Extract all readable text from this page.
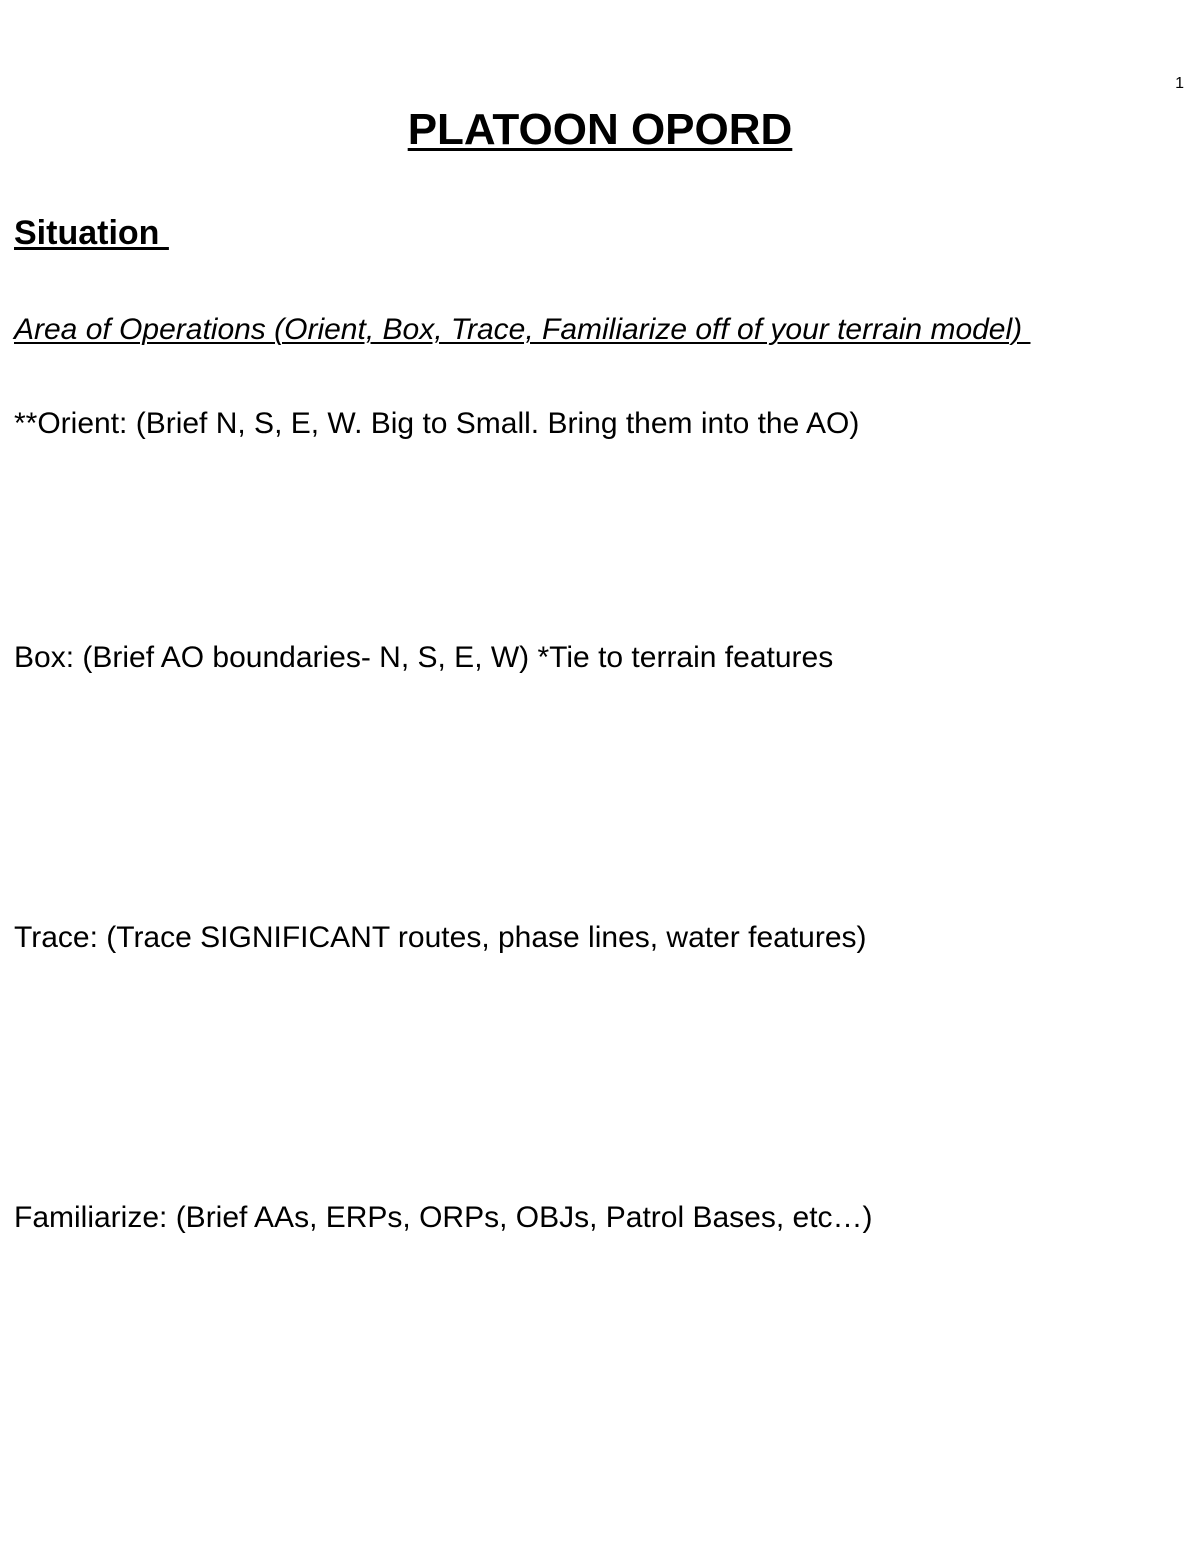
1
PLATOON OPORD
Situation

Area of Operations (Orient, Box, Trace, Familiarize off of your terrain model)

**Orient: (Brief N, S, E, W. Big to Small. Bring them into the AO)

Box: (Brief AO boundaries- N, S, E, W) *Tie to terrain features

Trace: (Trace SIGNIFICANT routes, phase lines, water features)

Familiarize: (Brief AAs, ERPs, ORPs, OBJs, Patrol Bases, etc…)
